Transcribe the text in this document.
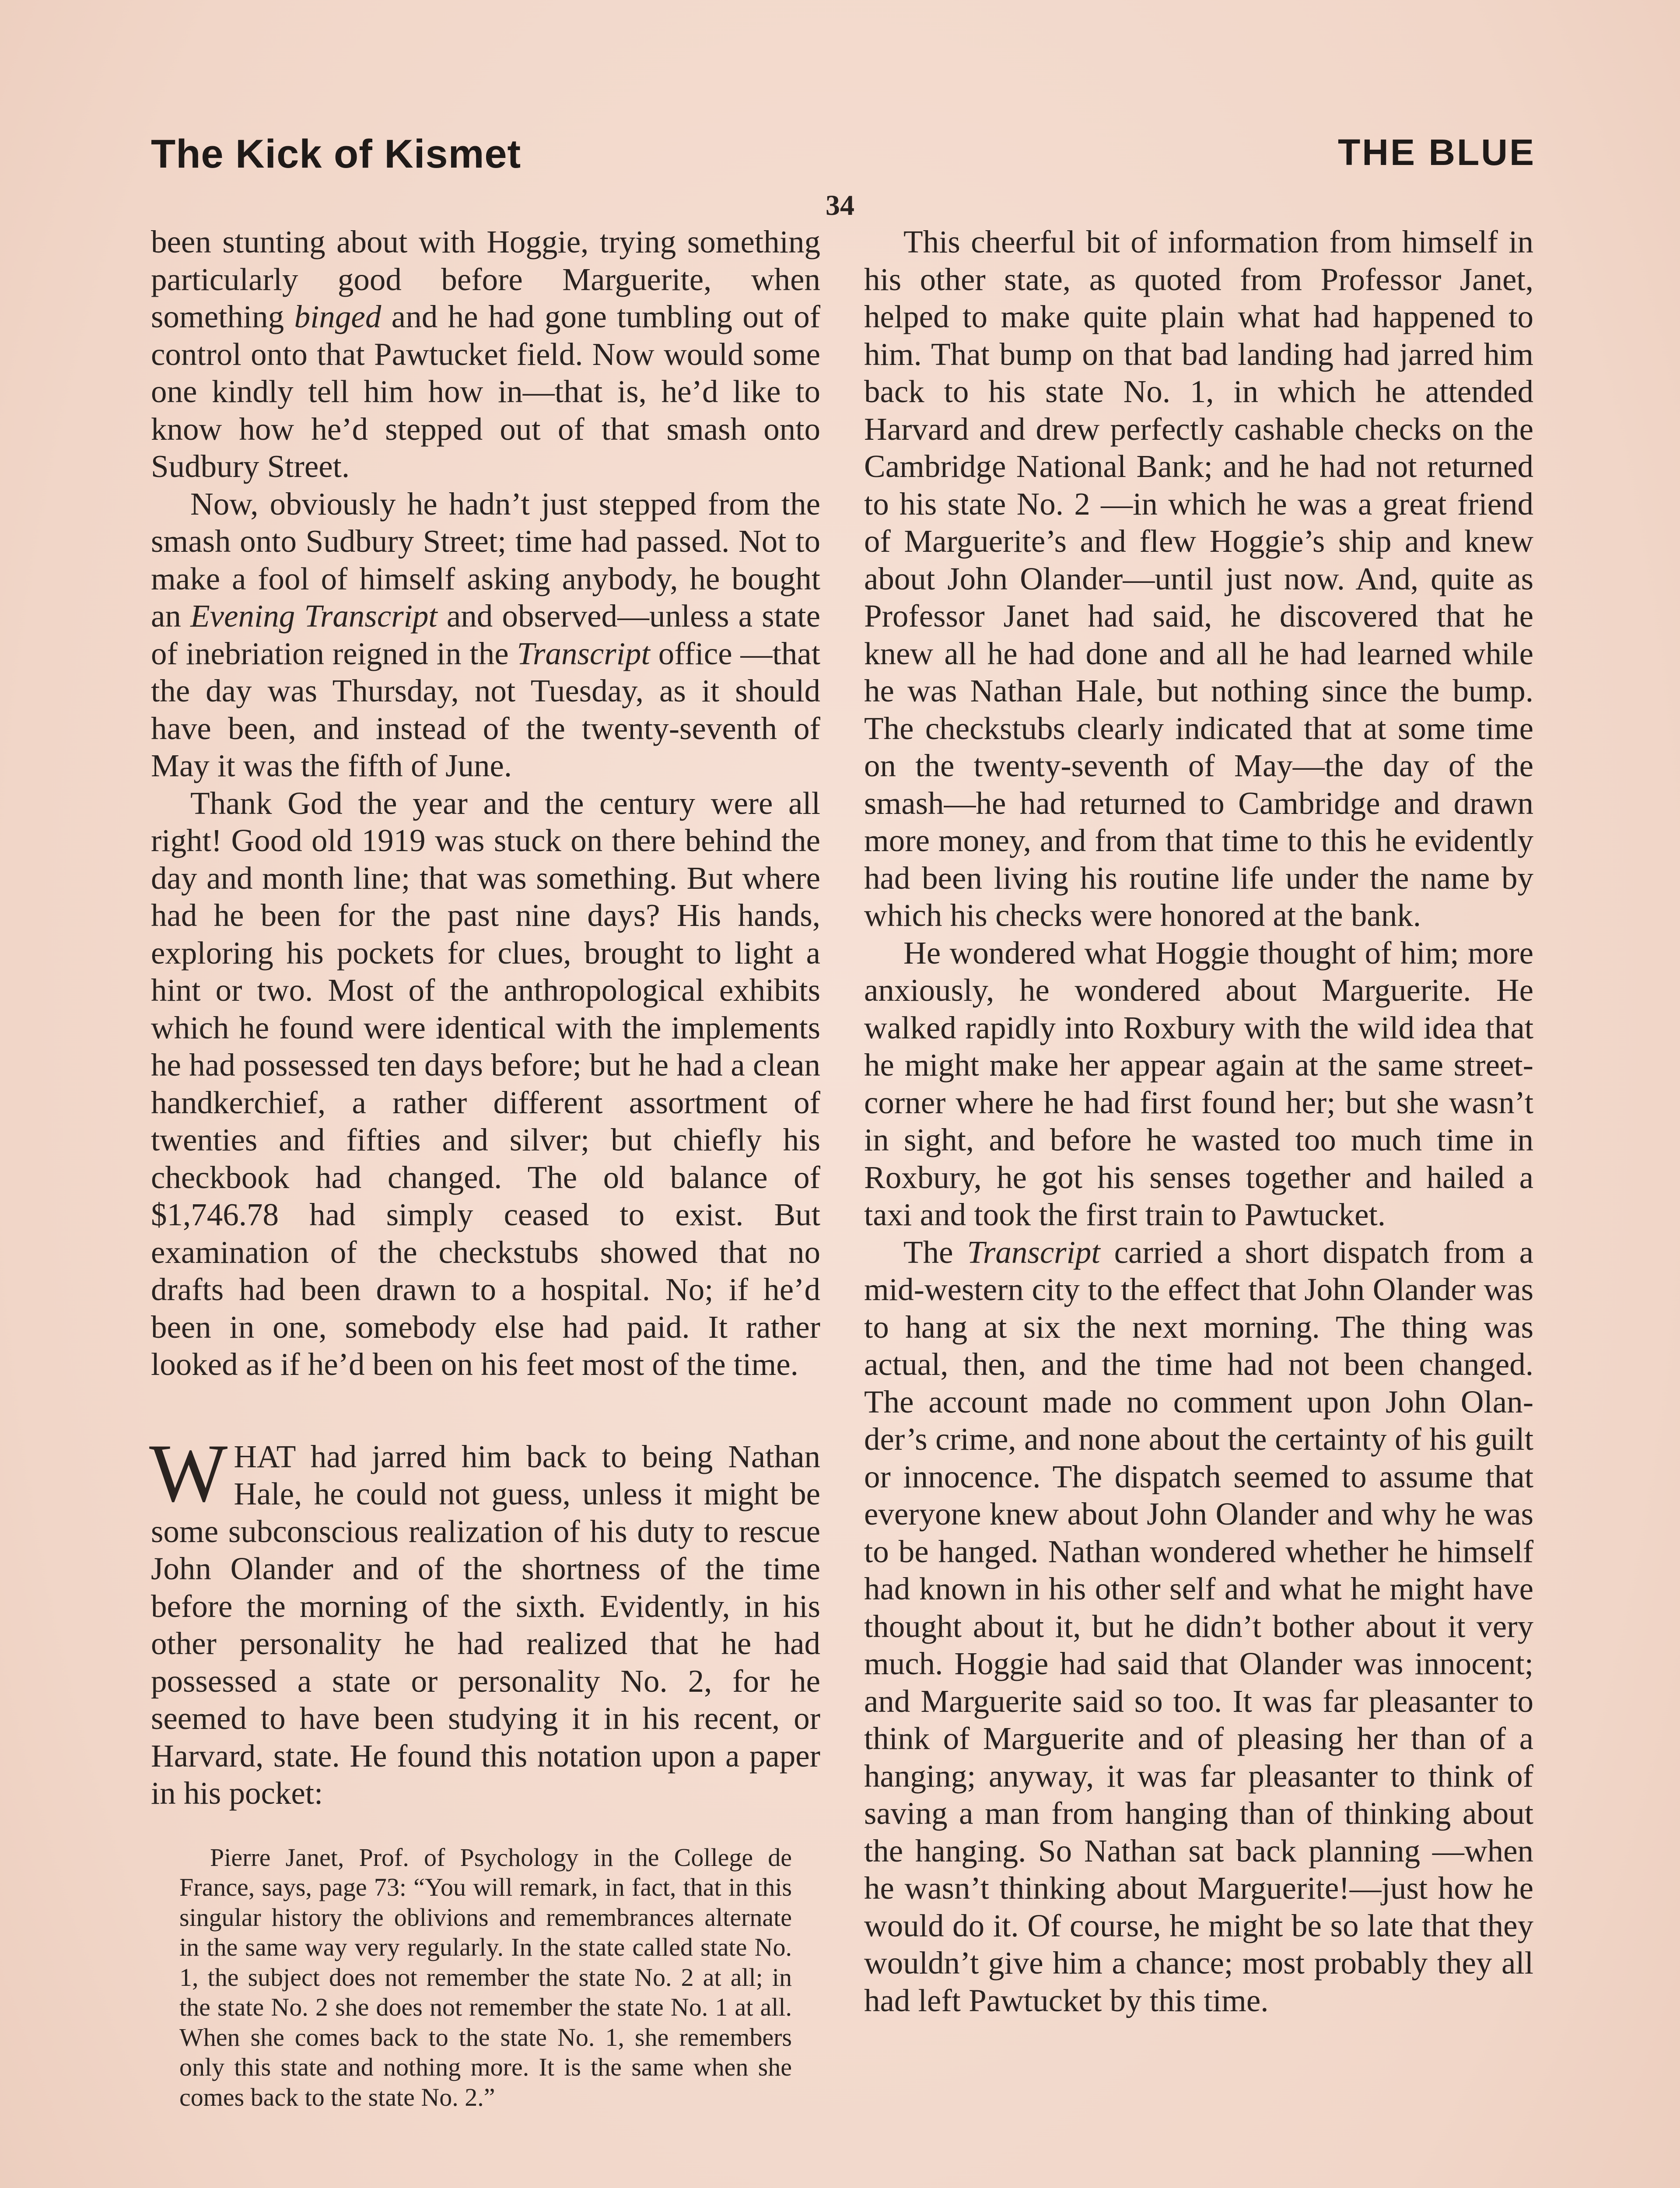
The Kick of Kismet	THE BLUE
34

been stunting about with Hoggie, trying something particularly good before Marguerite, when something binged and he had gone tumbling out of control onto that Pawtucket field. Now would some one kindly tell him how in—that is, he’d like to know how he’d stepped out of that smash onto Sudbury Street.

Now, obviously he hadn’t just stepped from the smash onto Sudbury Street; time had passed. Not to make a fool of himself asking anybody, he bought an Evening Transcript and observed—unless a state of inebriation reigned in the Transcript office —that the day was Thursday, not Tuesday, as it should have been, and instead of the twenty-seventh of May it was the fifth of June.

Thank God the year and the century were all right! Good old 1919 was stuck on there behind the day and month line; that was something. But where had he been for the past nine days? His hands, exploring his pockets for clues, brought to light a hint or two. Most of the anthropological exhibits which he found were identical with the implements he had possessed ten days before; but he had a clean handkerchief, a rather different assortment of twenties and fifties and silver; but chiefly his checkbook had changed. The old balance of $1,746.78 had simply ceased to exist. But examination of the checkstubs showed that no drafts had been drawn to a hospital. No; if he’d been in one, somebody else had paid. It rather looked as if he’d been on his feet most of the time.

WHAT had jarred him back to being Nathan Hale, he could not guess, unless it might be some subconscious realization of his duty to rescue John Olander and of the shortness of the time before the morning of the sixth. Evidently, in his other personality he had realized that he had possessed a state or personality No. 2, for he seemed to have been studying it in his recent, or Harvard, state. He found this notation upon a paper in his pocket:

Pierre Janet, Prof. of Psychology in the College de France, says, page 73: “You will remark, in fact, that in this singular history the oblivions and remembrances alternate in the same way very regularly. In the state called state No. 1, the subject does not remember the state No. 2 at all; in the state No. 2 she does not remember the state No. 1 at all. When she comes back to the state No. 1, she remembers only this state and nothing more. It is the same when she comes back to the state No. 2.”

This cheerful bit of information from himself in his other state, as quoted from Professor Janet, helped to make quite plain what had happened to him. That bump on that bad landing had jarred him back to his state No. 1, in which he attended Harvard and drew perfectly cashable checks on the Cambridge National Bank; and he had not returned to his state No. 2 —in which he was a great friend of Marguerite’s and flew Hoggie’s ship and knew about John Olander—until just now. And, quite as Professor Janet had said, he discovered that he knew all he had done and all he had learned while he was Nathan Hale, but nothing since the bump. The checkstubs clearly indicated that at some time on the twenty-seventh of May—the day of the smash—he had returned to Cambridge and drawn more money, and from that time to this he evidently had been living his routine life under the name by which his checks were honored at the bank.

He wondered what Hoggie thought of him; more anxiously, he wondered about Marguerite. He walked rapidly into Roxbury with the wild idea that he might make her appear again at the same street-corner where he had first found her; but she wasn’t in sight, and before he wasted too much time in Roxbury, he got his senses together and hailed a taxi and took the first train to Pawtucket.

The Transcript carried a short dispatch from a mid-western city to the effect that John Olander was to hang at six the next morning. The thing was actual, then, and the time had not been changed. The account made no comment upon John Olander’s crime, and none about the certainty of his guilt or innocence. The dispatch seemed to assume that everyone knew about John Olander and why he was to be hanged. Nathan wondered whether he himself had known in his other self and what he might have thought about it, but he didn’t bother about it very much. Hoggie had said that Olander was innocent; and Marguerite said so too. It was far pleasanter to think of Marguerite and of pleasing her than of a hanging; anyway, it was far pleasanter to think of saving a man from hanging than of thinking about the hanging. So Nathan sat back planning —when he wasn’t thinking about Marguerite!—just how he would do it. Of course, he might be so late that they wouldn’t give him a chance; most probably they all had left Pawtucket by this time.
